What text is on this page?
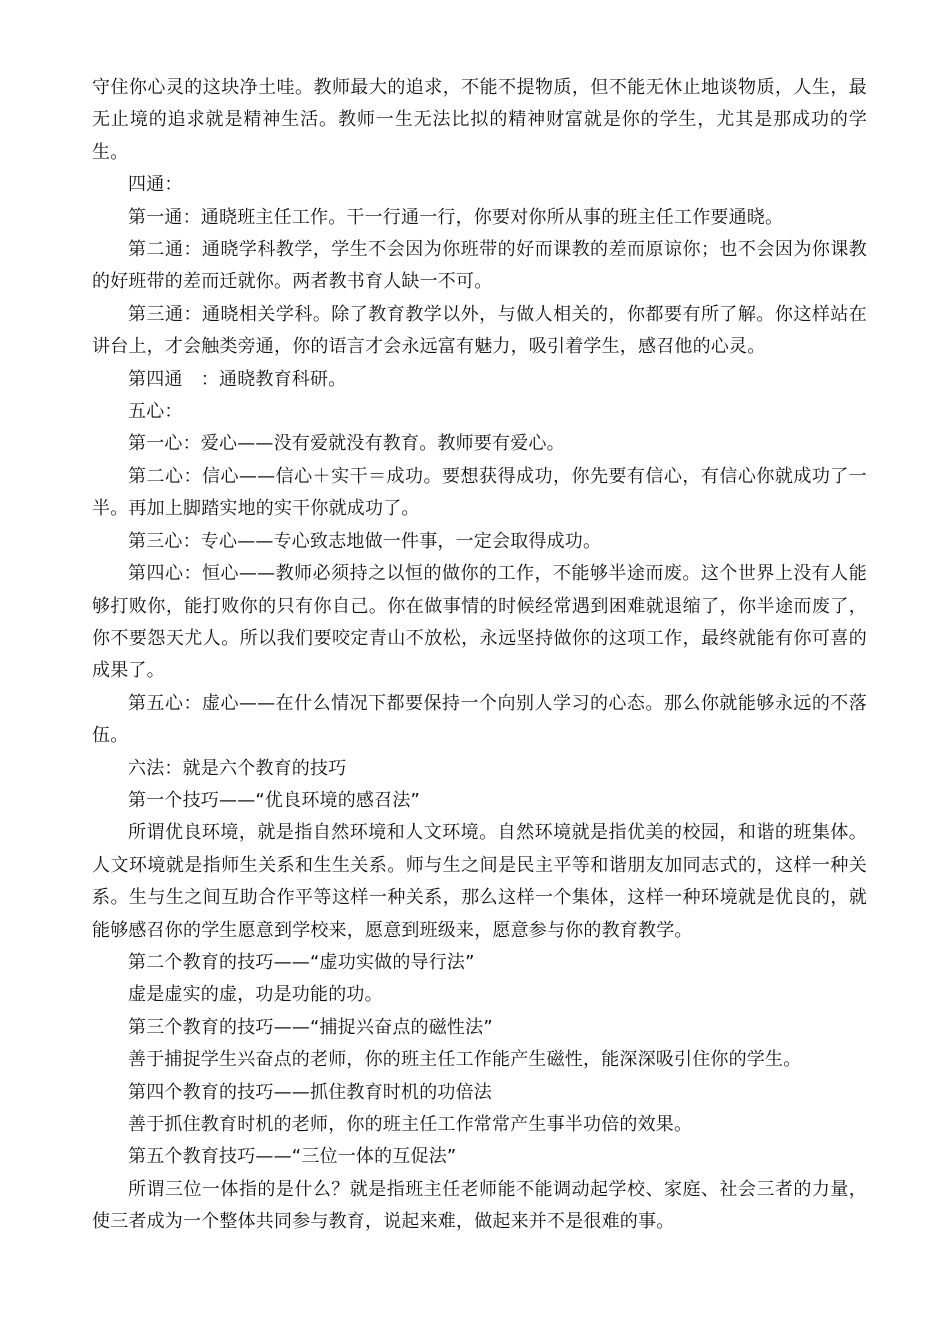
守住你心灵的这块净土哇。教师最大的追求，不能不提物质，但不能无休止地谈物质，人生，最无止境的追求就是精神生活。教师一生无法比拟的精神财富就是你的学生，尤其是那成功的学生。

四通：

第一通：通晓班主任工作。干一行通一行，你要对你所从事的班主任工作要通晓。

第二通：通晓学科教学，学生不会因为你班带的好而课教的差而原谅你；也不会因为你课教的好班带的差而迁就你。两者教书育人缺一不可。

第三通：通晓相关学科。除了教育教学以外，与做人相关的，你都要有所了解。你这样站在讲台上，才会触类旁通，你的语言才会永远富有魅力，吸引着学生，感召他的心灵。

第四通　：通晓教育科研。

五心：

第一心：爱心——没有爱就没有教育。教师要有爱心。

第二心：信心——信心＋实干＝成功。要想获得成功，你先要有信心，有信心你就成功了一半。再加上脚踏实地的实干你就成功了。

第三心：专心——专心致志地做一件事，一定会取得成功。

第四心：恒心——教师必须持之以恒的做你的工作，不能够半途而废。这个世界上没有人能够打败你，能打败你的只有你自己。你在做事情的时候经常遇到困难就退缩了，你半途而废了，你不要怨天尤人。所以我们要咬定青山不放松，永远坚持做你的这项工作，最终就能有你可喜的成果了。

第五心：虚心——在什么情况下都要保持一个向别人学习的心态。那么你就能够永远的不落伍。

六法：就是六个教育的技巧

第一个技巧——“优良环境的感召法”

所谓优良环境，就是指自然环境和人文环境。自然环境就是指优美的校园，和谐的班集体。人文环境就是指师生关系和生生关系。师与生之间是民主平等和谐朋友加同志式的，这样一种关系。生与生之间互助合作平等这样一种关系，那么这样一个集体，这样一种环境就是优良的，就能够感召你的学生愿意到学校来，愿意到班级来，愿意参与你的教育教学。

第二个教育的技巧——“虚功实做的导行法”

虚是虚实的虚，功是功能的功。

第三个教育的技巧——“捕捉兴奋点的磁性法”

善于捕捉学生兴奋点的老师，你的班主任工作能产生磁性，能深深吸引住你的学生。

第四个教育的技巧——抓住教育时机的功倍法

善于抓住教育时机的老师，你的班主任工作常常产生事半功倍的效果。

第五个教育技巧——“三位一体的互促法”

所谓三位一体指的是什么？就是指班主任老师能不能调动起学校、家庭、社会三者的力量，使三者成为一个整体共同参与教育，说起来难，做起来并不是很难的事。
